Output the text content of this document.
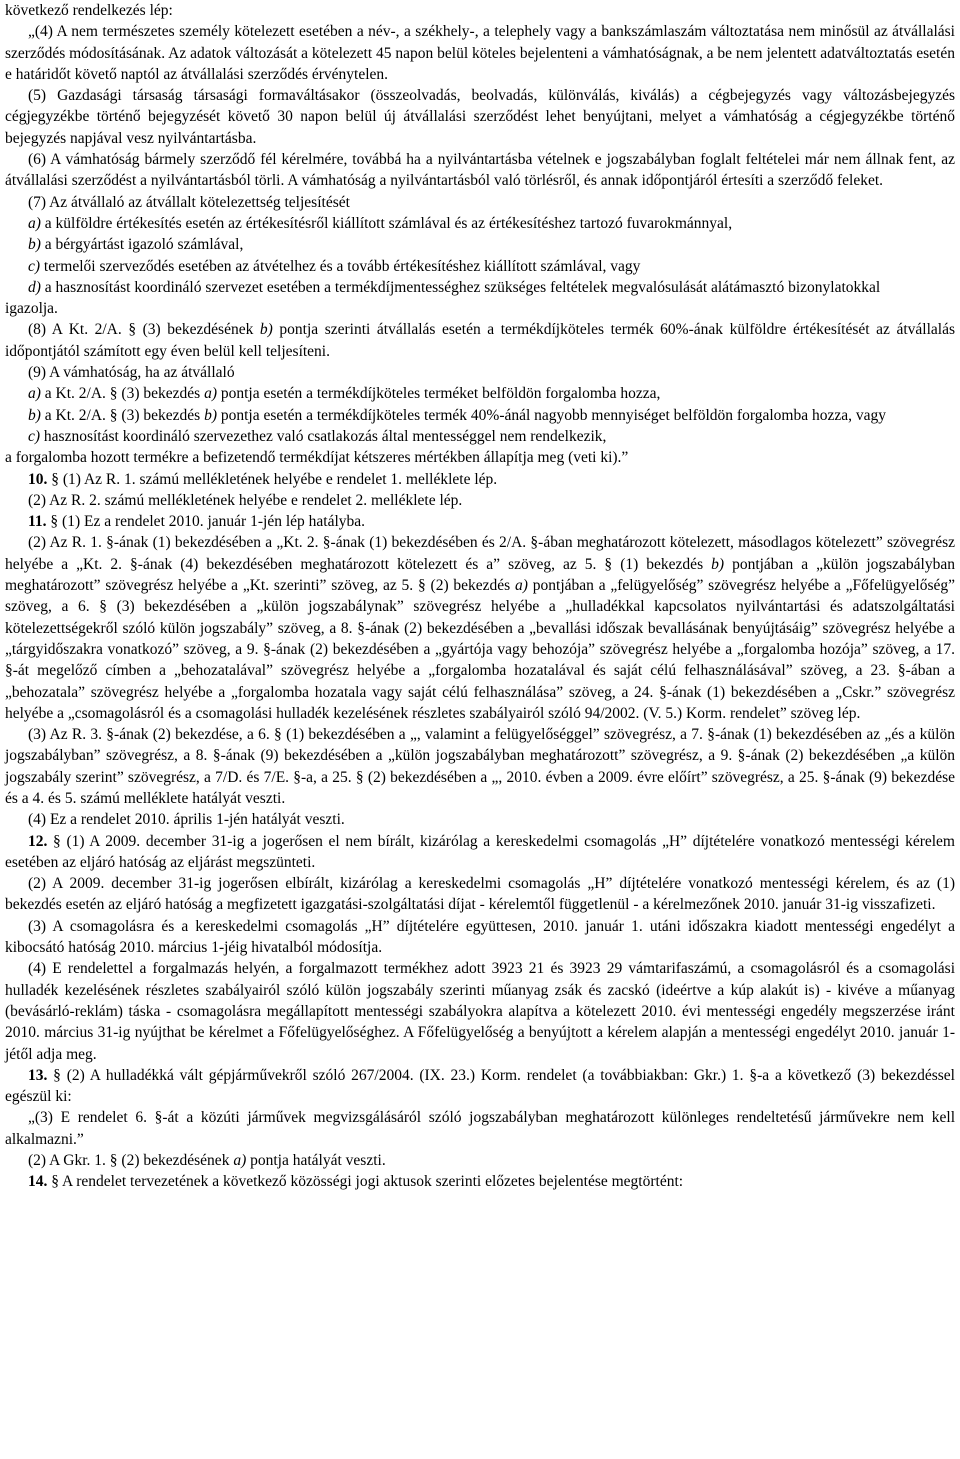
következő rendelkezés lép:

„(4) A nem természetes személy kötelezett esetében a név-, a székhely-, a telephely vagy a bankszámlaszám változtatása nem minősül az átvállalási szerződés módosításának. Az adatok változását a kötelezett 45 napon belül köteles bejelenteni a vámhatóságnak, a be nem jelentett adatváltoztatás esetén e határidőt követő naptól az átvállalási szerződés érvénytelen.

(5) Gazdasági társaság társasági formaváltásakor (összeolvadás, beolvadás, különválás, kiválás) a cégbejegyzés vagy változásbejegyzés cégjegyzékbe történő bejegyzését követő 30 napon belül új átvállalási szerződést lehet benyújtani, melyet a vámhatóság a cégjegyzékbe történő bejegyzés napjával vesz nyilvántartásba.

(6) A vámhatóság bármely szerződő fél kérelmére, továbbá ha a nyilvántartásba vételnek e jogszabályban foglalt feltételei már nem állnak fent, az átvállalási szerződést a nyilvántartásból törli. A vámhatóság a nyilvántartásból való törlésről, és annak időpontjáról értesíti a szerződő feleket.

(7) Az átvállaló az átvállalt kötelezettség teljesítését

a) a külföldre értékesítés esetén az értékesítésről kiállított számlával és az értékesítéshez tartozó fuvarokmánnyal,

b) a bérgyártást igazoló számlával,

c) termelői szerveződés esetében az átvételhez és a tovább értékesítéshez kiállított számlával, vagy

d) a hasznosítást koordináló szervezet esetében a termékdíjmentességhez szükséges feltételek megvalósulását alátámasztó bizonylatokkal

igazolja.

(8) A Kt. 2/A. § (3) bekezdésének b) pontja szerinti átvállalás esetén a termékdíjköteles termék 60%-ának külföldre értékesítését az átvállalás időpontjától számított egy éven belül kell teljesíteni.

(9) A vámhatóság, ha az átvállaló

a) a Kt. 2/A. § (3) bekezdés a) pontja esetén a termékdíjköteles terméket belföldön forgalomba hozza,

b) a Kt. 2/A. § (3) bekezdés b) pontja esetén a termékdíjköteles termék 40%-ánál nagyobb mennyiséget belföldön forgalomba hozza, vagy

c) hasznosítást koordináló szervezethez való csatlakozás által mentességgel nem rendelkezik,

a forgalomba hozott termékre a befizetendő termékdíjat kétszeres mértékben állapítja meg (veti ki).”

10. § (1) Az R. 1. számú mellékletének helyébe e rendelet 1. melléklete lép.

(2) Az R. 2. számú mellékletének helyébe e rendelet 2. melléklete lép.

11. § (1) Ez a rendelet 2010. január 1-jén lép hatályba.

(2) Az R. 1. §-ának (1) bekezdésében a „Kt. 2. §-ának (1) bekezdésében és 2/A. §-ában meghatározott kötelezett, másodlagos kötelezett” szövegrész helyébe a „Kt. 2. §-ának (4) bekezdésében meghatározott kötelezett és a” szöveg, az 5. § (1) bekezdés b) pontjában a „külön jogszabályban meghatározott” szövegrész helyébe a „Kt. szerinti” szöveg, az 5. § (2) bekezdés a) pontjában a „felügyelőség” szövegrész helyébe a „Főfelügyelőség” szöveg, a 6. § (3) bekezdésében a „külön jogszabálynak” szövegrész helyébe a „hulladékkal kapcsolatos nyilvántartási és adatszolgáltatási kötelezettségekről szóló külön jogszabály” szöveg, a 8. §-ának (2) bekezdésében a „bevallási időszak bevallásának benyújtásáig” szövegrész helyébe a „tárgyidőszakra vonatkozó” szöveg, a 9. §-ának (2) bekezdésében a „gyártója vagy behozója” szövegrész helyébe a „forgalomba hozója” szöveg, a 17. §-át megelőző címben a „behozatalával” szövegrész helyébe a „forgalomba hozatalával és saját célú felhasználásával” szöveg, a 23. §-ában a „behozatala” szövegrész helyébe a „forgalomba hozatala vagy saját célú felhasználása” szöveg, a 24. §-ának (1) bekezdésében a „Cskr.” szövegrész helyébe a „csomagolásról és a csomagolási hulladék kezelésének részletes szabályairól szóló 94/2002. (V. 5.) Korm. rendelet” szöveg lép.

(3) Az R. 3. §-ának (2) bekezdése, a 6. § (1) bekezdésében a „, valamint a felügyelőséggel” szövegrész, a 7. §-ának (1) bekezdésében az „és a külön jogszabályban” szövegrész, a 8. §-ának (9) bekezdésében a „külön jogszabályban meghatározott” szövegrész, a 9. §-ának (2) bekezdésében „a külön jogszabály szerint” szövegrész, a 7/D. és 7/E. §-a, a 25. § (2) bekezdésében a „, 2010. évben a 2009. évre előírt” szövegrész, a 25. §-ának (9) bekezdése és a 4. és 5. számú melléklete hatályát veszti.

(4) Ez a rendelet 2010. április 1-jén hatályát veszti.

12. § (1) A 2009. december 31-ig a jogerősen el nem bírált, kizárólag a kereskedelmi csomagolás „H” díjtételére vonatkozó mentességi kérelem esetében az eljáró hatóság az eljárást megszünteti.

(2) A 2009. december 31-ig jogerősen elbírált, kizárólag a kereskedelmi csomagolás „H” díjtételére vonatkozó mentességi kérelem, és az (1) bekezdés esetén az eljáró hatóság a megfizetett igazgatási-szolgáltatási díjat - kérelemtől függetlenül - a kérelmezőnek 2010. január 31-ig visszafizeti.

(3) A csomagolásra és a kereskedelmi csomagolás „H” díjtételére együttesen, 2010. január 1. utáni időszakra kiadott mentességi engedélyt a kibocsátó hatóság 2010. március 1-jéig hivatalból módosítja.

(4) E rendelettel a forgalmazás helyén, a forgalmazott termékhez adott 3923 21 és 3923 29 vámtarifaszámú, a csomagolásról és a csomagolási hulladék kezelésének részletes szabályairól szóló külön jogszabály szerinti műanyag zsák és zacskó (ideértve a kúp alakút is) - kivéve a műanyag (bevásárló-reklám) táska - csomagolásra megállapított mentességi szabályokra alapítva a kötelezett 2010. évi mentességi engedély megszerzése iránt 2010. március 31-ig nyújthat be kérelmet a Főfelügyelőséghez. A Főfelügyelőség a benyújtott a kérelem alapján a mentességi engedélyt 2010. január 1-jétől adja meg.

13. § (2) A hulladékká vált gépjárművekről szóló 267/2004. (IX. 23.) Korm. rendelet (a továbbiakban: Gkr.) 1. §-a a következő (3) bekezdéssel egészül ki:

„(3) E rendelet 6. §-át a közúti járművek megvizsgálásáról szóló jogszabályban meghatározott különleges rendeltetésű járművekre nem kell alkalmazni.”

(2) A Gkr. 1. § (2) bekezdésének a) pontja hatályát veszti.

14. § A rendelet tervezetének a következő közösségi jogi aktusok szerinti előzetes bejelentése megtörtént:
